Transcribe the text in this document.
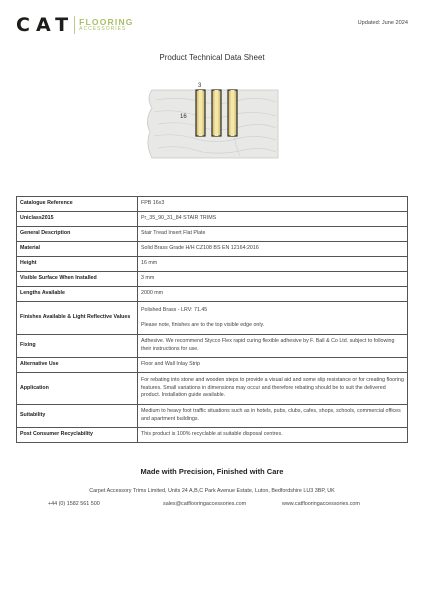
CAT FLOORING
ACCESSORIES
Updated: June 2024
Product Technical Data Sheet
3
16
Catalogue Reference	FPB 16x3
Uniclass2015	Pr_35_90_31_84 STAIR TRIMS
General Description	Stair Tread Insert Flat Plate
Material	Solid Brass Grade H/H CZ108 BS EN 12164:2016
Height	16 mm
Visible Surface When Installed	3 mm
Lengths Available	2000 mm
Finishes Available & Light Reflective Values	Polished Brass - LRV: 71.45
Please note, finishes are to the top visible edge only.

Fixing	Adhesive. We recommend Stycco Flex rapid curing flexible adhesive by F. Ball & Co Ltd. subject to following their instructions for use.
Alternative Use	Floor and Wall Inlay Strip
Application	For rebating into stone and wooden steps to provide a visual aid and some slip resistance or for creating flooring features. Small variations in dimensions may occur and therefore rebating should be to suit the delivered product. Installation guide available.
Suitability	Medium to heavy foot traffic situations such as in hotels, pubs, clubs, cafes, shops, schools, commercial offices and apartment buildings.
Post Consumer Recyclability	This product is 100% recyclable at suitable disposal centres.
Made with Precision, Finished with Care
Carpet Accessory Trims Limited, Units 24 A,B,C Park Avenue Estate, Luton, Bedfordshire LU3 3BP, UK
+44 (0) 1582 561 500	sales@catflooringaccessories.com	www.catflooringaccessories.com
